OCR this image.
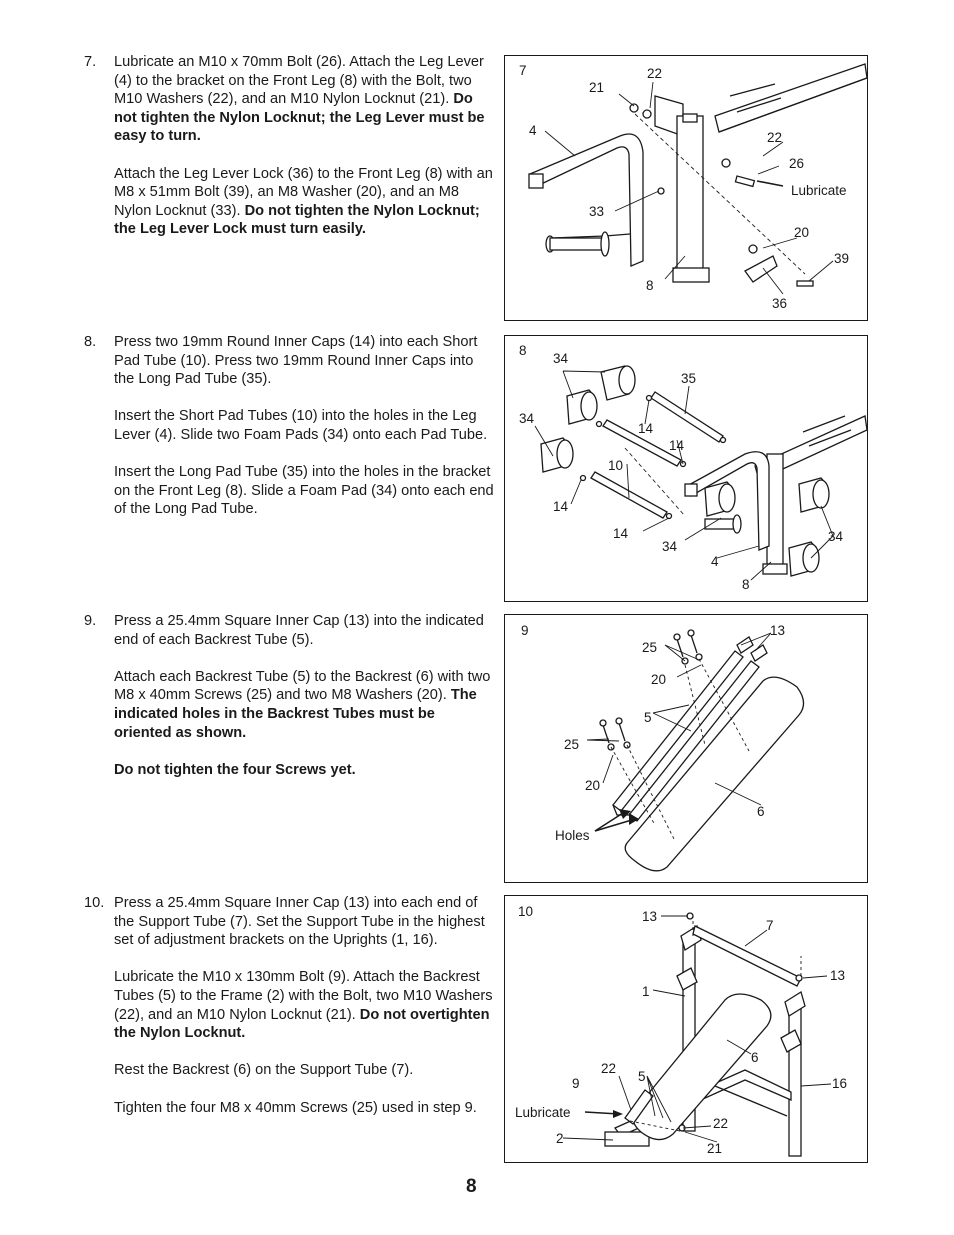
7.	Lubricate an M10 x 70mm Bolt (26). Attach the Leg Lever (4) to the bracket on the Front Leg (8) with the Bolt, two M10 Washers (22), and an M10 Nylon Locknut (21). Do not tighten the Nylon Locknut; the Leg Lever must be easy to turn.

Attach the Leg Lever Lock (36) to the Front Leg (8) with an M8 x 51mm Bolt (39), an M8 Washer (20), and an M8 Nylon Locknut (33). Do not tighten the Nylon Locknut; the Leg Lever Lock must turn easily.

8.	Press two 19mm Round Inner Caps (14) into each Short Pad Tube (10). Press two 19mm Round Inner Caps into the Long Pad Tube (35).

Insert the Short Pad Tubes (10) into the holes in the Leg Lever (4). Slide two Foam Pads (34) onto each Pad Tube.

Insert the Long Pad Tube (35) into the holes in the bracket on the Front Leg (8). Slide a Foam Pad (34) onto each end of the Long Pad Tube.

9.	Press a 25.4mm Square Inner Cap (13) into the indicated end of each Backrest Tube (5).

Attach each Backrest Tube (5) to the Backrest (6) with two M8 x 40mm Screws (25) and two M8 Washers (20). The indicated holes in the Backrest Tubes must be oriented as shown.

Do not tighten the four Screws yet.

10. Press a 25.4mm Square Inner Cap (13) into each end of the Support Tube (7). Set the Support Tube in the highest set of adjustment brackets on the Uprights (1, 16).

Lubricate the M10 x 130mm Bolt (9). Attach the Backrest Tubes (5) to the Frame (2) with the Bolt, two M10 Washers (22), and an M10 Nylon Locknut (21). Do not overtighten the Nylon Locknut.

Rest the Backrest (6) on the Support Tube (7).

Tighten the four M8 x 40mm Screws (25) used in step 9.

7
21
22
4	22
26
Lubricate
33
20
39
8
36
8
34
35
34
14
14
10
14
14
34
34
4
8
9
25
13
20
5
25
20
6
Holes
10	13
7
13
1
6
9
22
5	16
Lubricate
22
2
21
8
